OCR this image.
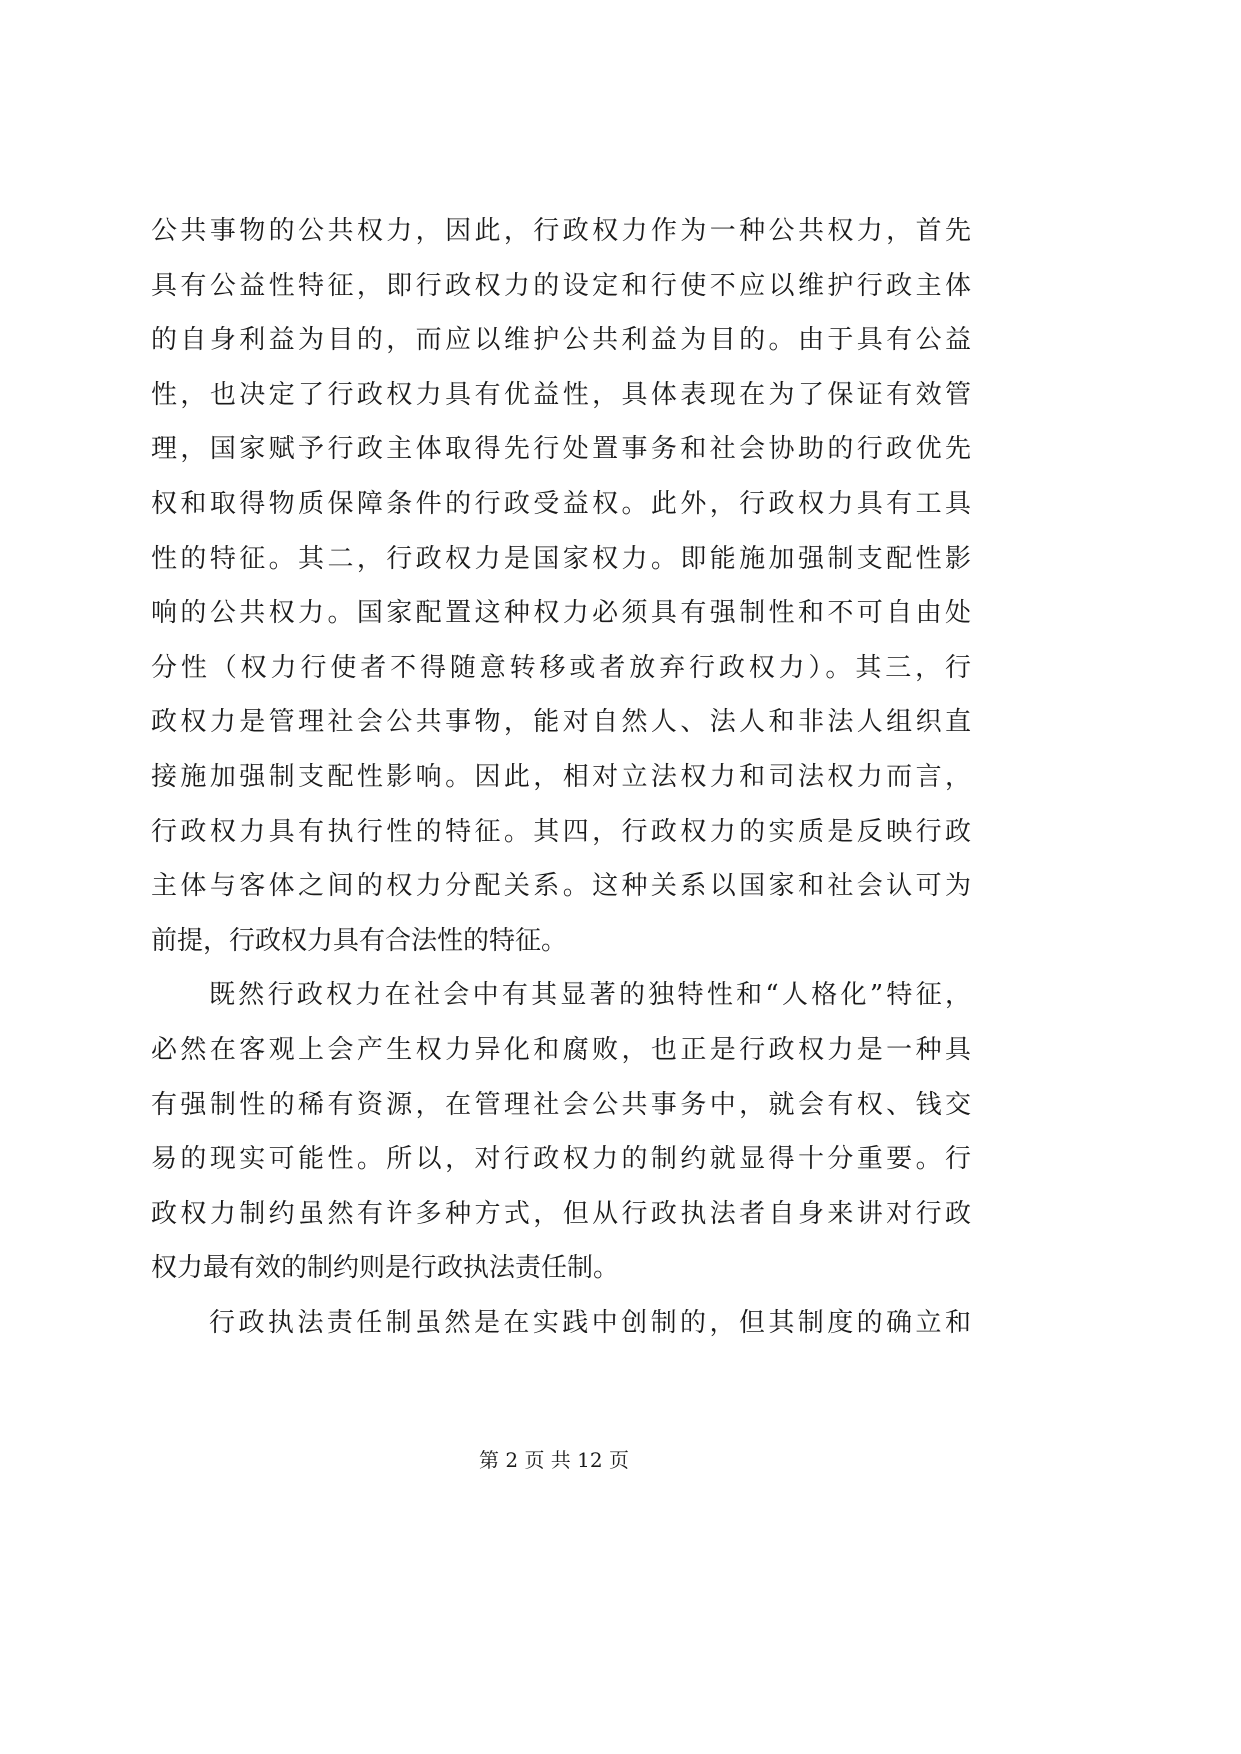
公共事物的公共权力，因此，行政权力作为一种公共权力，首先
具有公益性特征，即行政权力的设定和行使不应以维护行政主体
的自身利益为目的，而应以维护公共利益为目的。由于具有公益
性，也决定了行政权力具有优益性，具体表现在为了保证有效管
理，国家赋予行政主体取得先行处置事务和社会协助的行政优先
权和取得物质保障条件的行政受益权。此外，行政权力具有工具
性的特征。其二，行政权力是国家权力。即能施加强制支配性影
响的公共权力。国家配置这种权力必须具有强制性和不可自由处
分性（权力行使者不得随意转移或者放弃行政权力）。其三，行
政权力是管理社会公共事物，能对自然人、法人和非法人组织直
接施加强制支配性影响。因此，相对立法权力和司法权力而言，
行政权力具有执行性的特征。其四，行政权力的实质是反映行政
主体与客体之间的权力分配关系。这种关系以国家和社会认可为
前提，行政权力具有合法性的特征。
既然行政权力在社会中有其显著的独特性和“人格化”特征，
必然在客观上会产生权力异化和腐败，也正是行政权力是一种具
有强制性的稀有资源，在管理社会公共事务中，就会有权、钱交
易的现实可能性。所以，对行政权力的制约就显得十分重要。行
政权力制约虽然有许多种方式，但从行政执法者自身来讲对行政
权力最有效的制约则是行政执法责任制。
行政执法责任制虽然是在实践中创制的，但其制度的确立和
第 2 页 共 12 页
